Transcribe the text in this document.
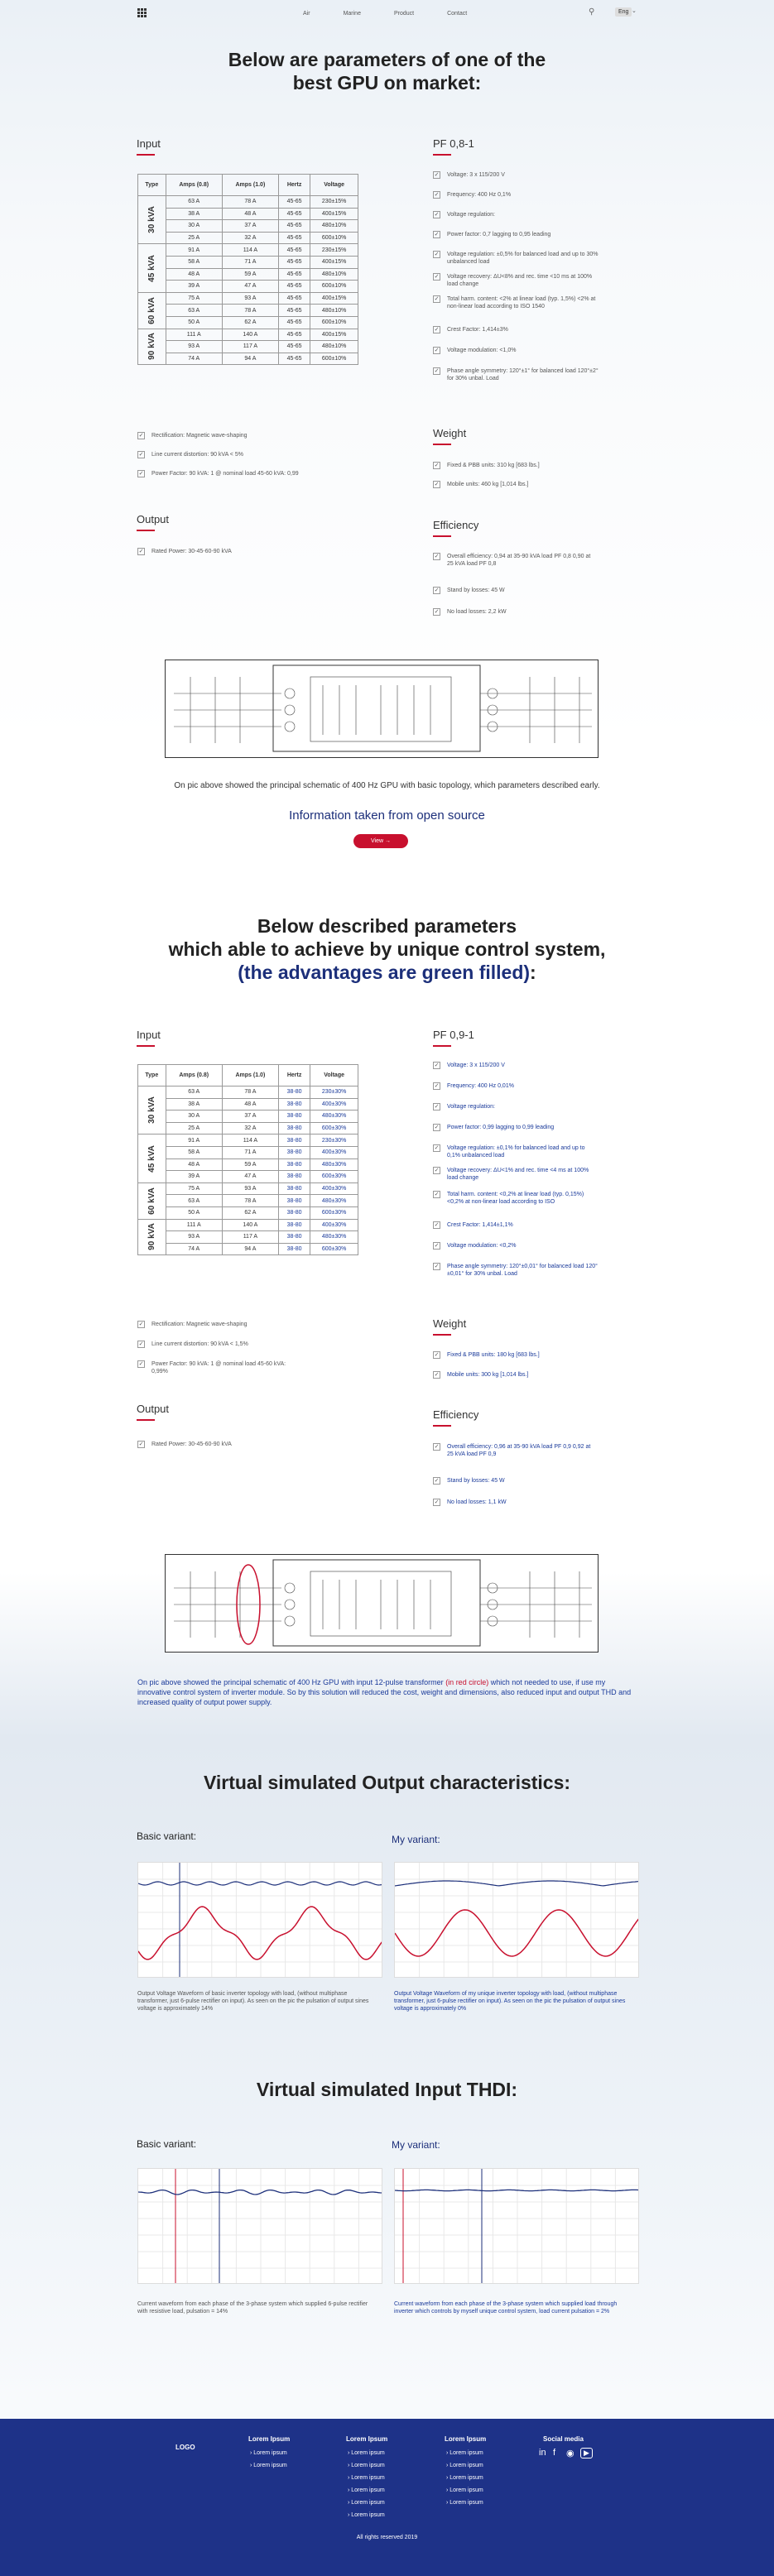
Air	Marine	Product	Contact	⚲	Eng ⌄
Below are parameters of one of the
best GPU on market:
Input
Type	Amps (0.8)	Amps (1.0)	Hertz	Voltage
30 kVA	63 A	78 A	45-65	230±15%
	38 A	48 A	45-65	400±15%
	30 A	37 A	45-65	480±10%
	25 A	32 A	45-65	600±10%
45 kVA	91 A	114 A	45-65	230±15%
	58 A	71 A	45-65	400±15%
	48 A	59 A	45-65	480±10%
	39 A	47 A	45-65	600±10%
60 kVA	75 A	93 A	45-65	400±15%
	63 A	78 A	45-65	480±10%
	50 A	62 A	45-65	600±10%
90 kVA	111 A	140 A	45-65	400±15%
	93 A	117 A	45-65	480±10%
	74 A	94 A	45-65	600±10%
✓ Rectification: Magnetic wave-shaping
✓ Line current distortion: 90 kVA < 5%
✓ Power Factor: 90 kVA: 1 @ nominal load 45-60 kVA: 0,99
Output
✓ Rated Power: 30-45-60-90 kVA
PF 0,8-1
✓ Voltage: 3 x 115/200 V
✓ Frequency: 400 Hz 0,1%
✓ Voltage regulation:
✓ Power factor: 0,7 lagging to 0,95 leading
✓ Voltage regulation: ±0,5% for balanced load and up to 30% unbalanced load
✓ Voltage recovery: ΔU<8% and rec. time <10 ms at 100% load change
✓ Total harm. content: <2% at linear load (typ. 1,5%) <2% at non-linear load according to ISO 1540
✓ Crest Factor: 1,414±3%
✓ Voltage modulation: <1,0%
✓ Phase angle symmetry: 120°±1° for balanced load 120°±2° for 30% unbal. Load
Weight
✓ Fixed & PBB units: 310 kg [683 lbs.]
✓ Mobile units: 460 kg [1,014 lbs.]
Efficiency
✓ Overall efficiency: 0,94 at 35-90 kVA load PF 0,8 0,90 at 25 kVA load PF 0,8
✓ Stand by losses: 45 W
✓ No load losses: 2,2 kW
On pic above showed the principal schematic of 400 Hz GPU with basic topology, which parameters described early.
Information taken from open source
View →
Below described parameters
which able to achieve by unique control system,
(the advantages are green filled):
Input
Type	Amps (0.8)	Amps (1.0)	Hertz	Voltage
30 kVA	63 A	78 A	38-80	230±30%
	38 A	48 A	38-80	400±30%
	30 A	37 A	38-80	480±30%
	25 A	32 A	38-80	600±30%
45 kVA	91 A	114 A	38-80	230±30%
	58 A	71 A	38-80	400±30%
	48 A	59 A	38-80	480±30%
	39 A	47 A	38-80	600±30%
60 kVA	75 A	93 A	38-80	400±30%
	63 A	78 A	38-80	480±30%
	50 A	62 A	38-80	600±30%
90 kVA	111 A	140 A	38-80	400±30%
	93 A	117 A	38-80	480±30%
	74 A	94 A	38-80	600±30%
✓ Rectification: Magnetic wave-shaping
✓ Line current distortion: 90 kVA < 1,5%
✓ Power Factor: 90 kVA: 1 @ nominal load 45-60 kVA: 0,99%
Output
✓ Rated Power: 30-45-60-90 kVA
PF 0,9-1
✓ Voltage: 3 x 115/200 V
✓ Frequency: 400 Hz 0,01%
✓ Voltage regulation:
✓ Power factor: 0,99 lagging to 0,99 leading
✓ Voltage regulation: ±0,1% for balanced load and up to 0,1% unbalanced load
✓ Voltage recovery: ΔU<1% and rec. time <4 ms at 100% load change
✓ Total harm. content: <0,2% at linear load (typ. 0,15%) <0,2% at non-linear load according to ISO
✓ Crest Factor: 1,414±1,1%
✓ Voltage modulation: <0,2%
✓ Phase angle symmetry: 120°±0,01° for balanced load 120°±0,01° for 30% unbal. Load
Weight
✓ Fixed & PBB units: 180 kg [683 lbs.]
✓ Mobile units: 300 kg [1,014 lbs.]
Efficiency
✓ Overall efficiency: 0,96 at 35-90 kVA load PF 0,9 0,92 at 25 kVA load PF 0,9
✓ Stand by losses: 45 W
✓ No load losses: 1,1 kW
On pic above showed the principal schematic of 400 Hz GPU with input 12-pulse transformer (in red circle) which not needed to use, if use my innovative control system of inverter module. So by this solution will reduced the cost, weight and dimensions, also reduced input and output THD and increased quality of output power supply.
Virtual simulated Output characteristics:
Basic variant:	My variant:
Output Voltage Waveform of basic inverter topology with load, (without multiphase transformer, just 6-pulse rectifier on input). As seen on the pic the pulsation of output sines voltage is approximately 14%
Output Voltage Waveform of my unique inverter topology with load, (without multiphase transformer, just 6-pulse rectifier on input). As seen on the pic the pulsation of output sines voltage is approximately 0%
Virtual simulated Input THDI:
Basic variant:	My variant:
Current waveform from each phase of the 3-phase system which supplied 6-pulse rectifier with resistive load, pulsation = 14%
Current waveform from each phase of the 3-phase system which supplied load through inverter which controls by myself unique control system, load current pulsation = 2%
LOGO
Lorem Ipsum
› Lorem ipsum
› Lorem ipsum
Lorem Ipsum
› Lorem ipsum
› Lorem ipsum
› Lorem ipsum
› Lorem ipsum
› Lorem ipsum
› Lorem ipsum
Lorem Ipsum
› Lorem ipsum
› Lorem ipsum
› Lorem ipsum
› Lorem ipsum
› Lorem ipsum
Social media
All rights reserved 2019
in f ◉	▶
